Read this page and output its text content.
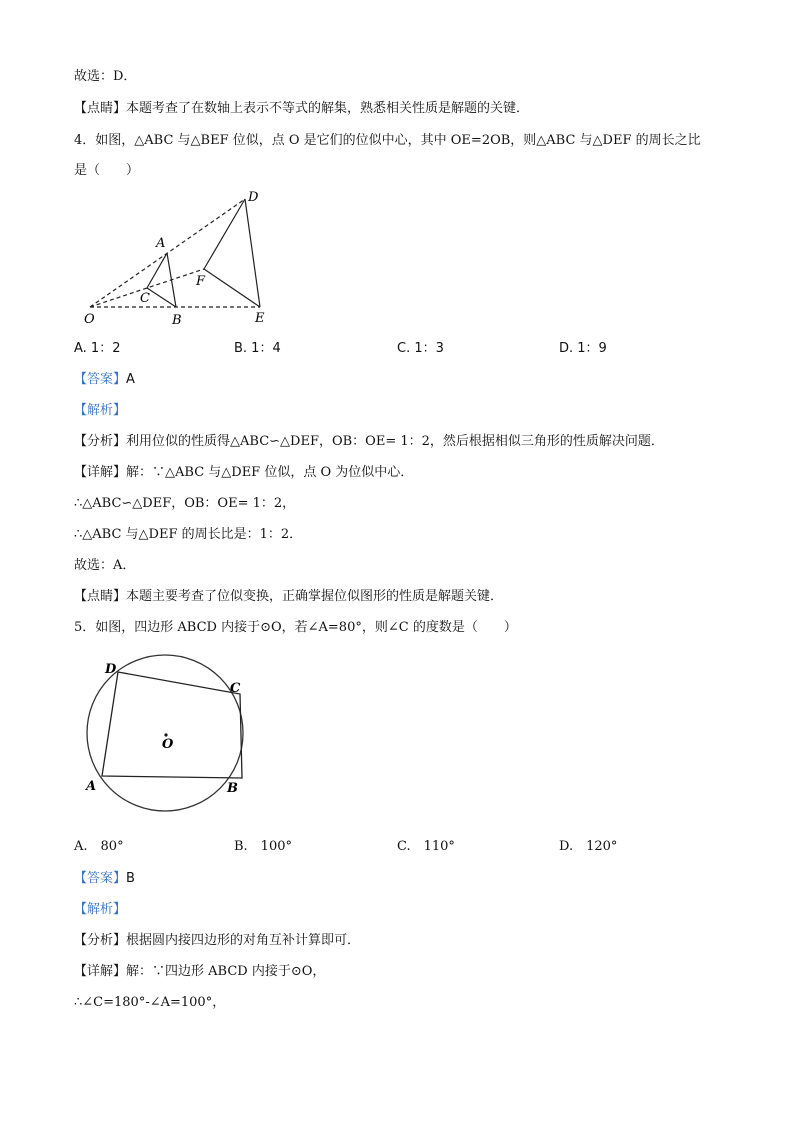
故选：D．
【点睛】本题考查了在数轴上表示不等式的解集，熟悉相关性质是解题的关键．
4．如图，△ABC 与△BEF 位似，点 O 是它们的位似中心，其中 OE=2OB，则△ABC 与△DEF 的周长之比
是（　　）
D
A
F
C
O	B	E
A. 1：2	B. 1：4	C. 1：3	D. 1：9
【答案】A
【解析】
【分析】利用位似的性质得△ABC∽△DEF，OB：OE= 1：2，然后根据相似三角形的性质解决问题．
【详解】解：∵△ABC 与△DEF 位似，点 O 为位似中心．
∴△ABC∽△DEF，OB：OE= 1：2，
∴△ABC 与△DEF 的周长比是：1：2．
故选：A．
【点睛】本题主要考查了位似变换，正确掌握位似图形的性质是解题关键．
5．如图，四边形 ABCD 内接于⊙O，若∠A=80°，则∠C 的度数是（　　）
D
C
O
A	B
A.　80°	B.　100°	C.　110°	D.　120°
【答案】B
【解析】
【分析】根据圆内接四边形的对角互补计算即可．
【详解】解：∵四边形 ABCD 内接于⊙O，
∴∠C=180°-∠A=100°，
